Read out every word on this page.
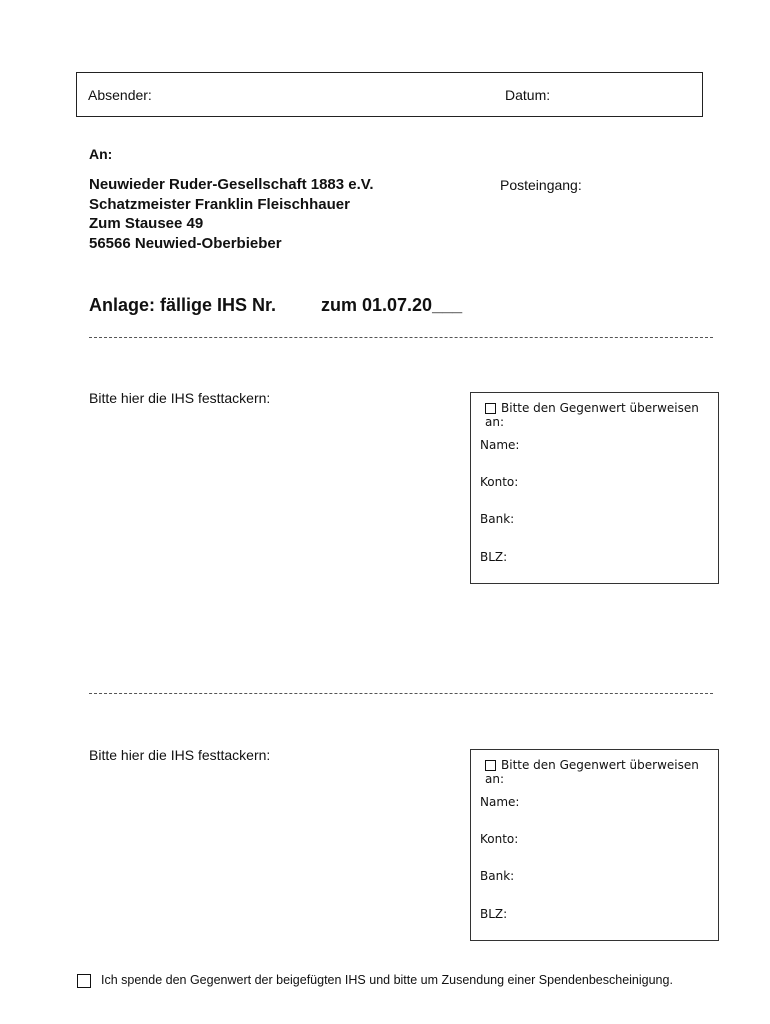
Absender:	Datum:
An:
Neuwieder Ruder-Gesellschaft 1883 e.V.
Schatzmeister Franklin Fleischhauer
Zum Stausee 49
56566 Neuwied-Oberbieber
Posteingang:
Anlage: fällige IHS Nr. zum 01.07.20___
Bitte hier die IHS festtackern:
Bitte den Gegenwert überweisen an:
Name:
Konto:
Bank:
BLZ:
Bitte hier die IHS festtackern:
Bitte den Gegenwert überweisen an:
Name:
Konto:
Bank:
BLZ:
Ich spende den Gegenwert der beigefügten IHS und bitte um Zusendung einer Spendenbescheinigung.
